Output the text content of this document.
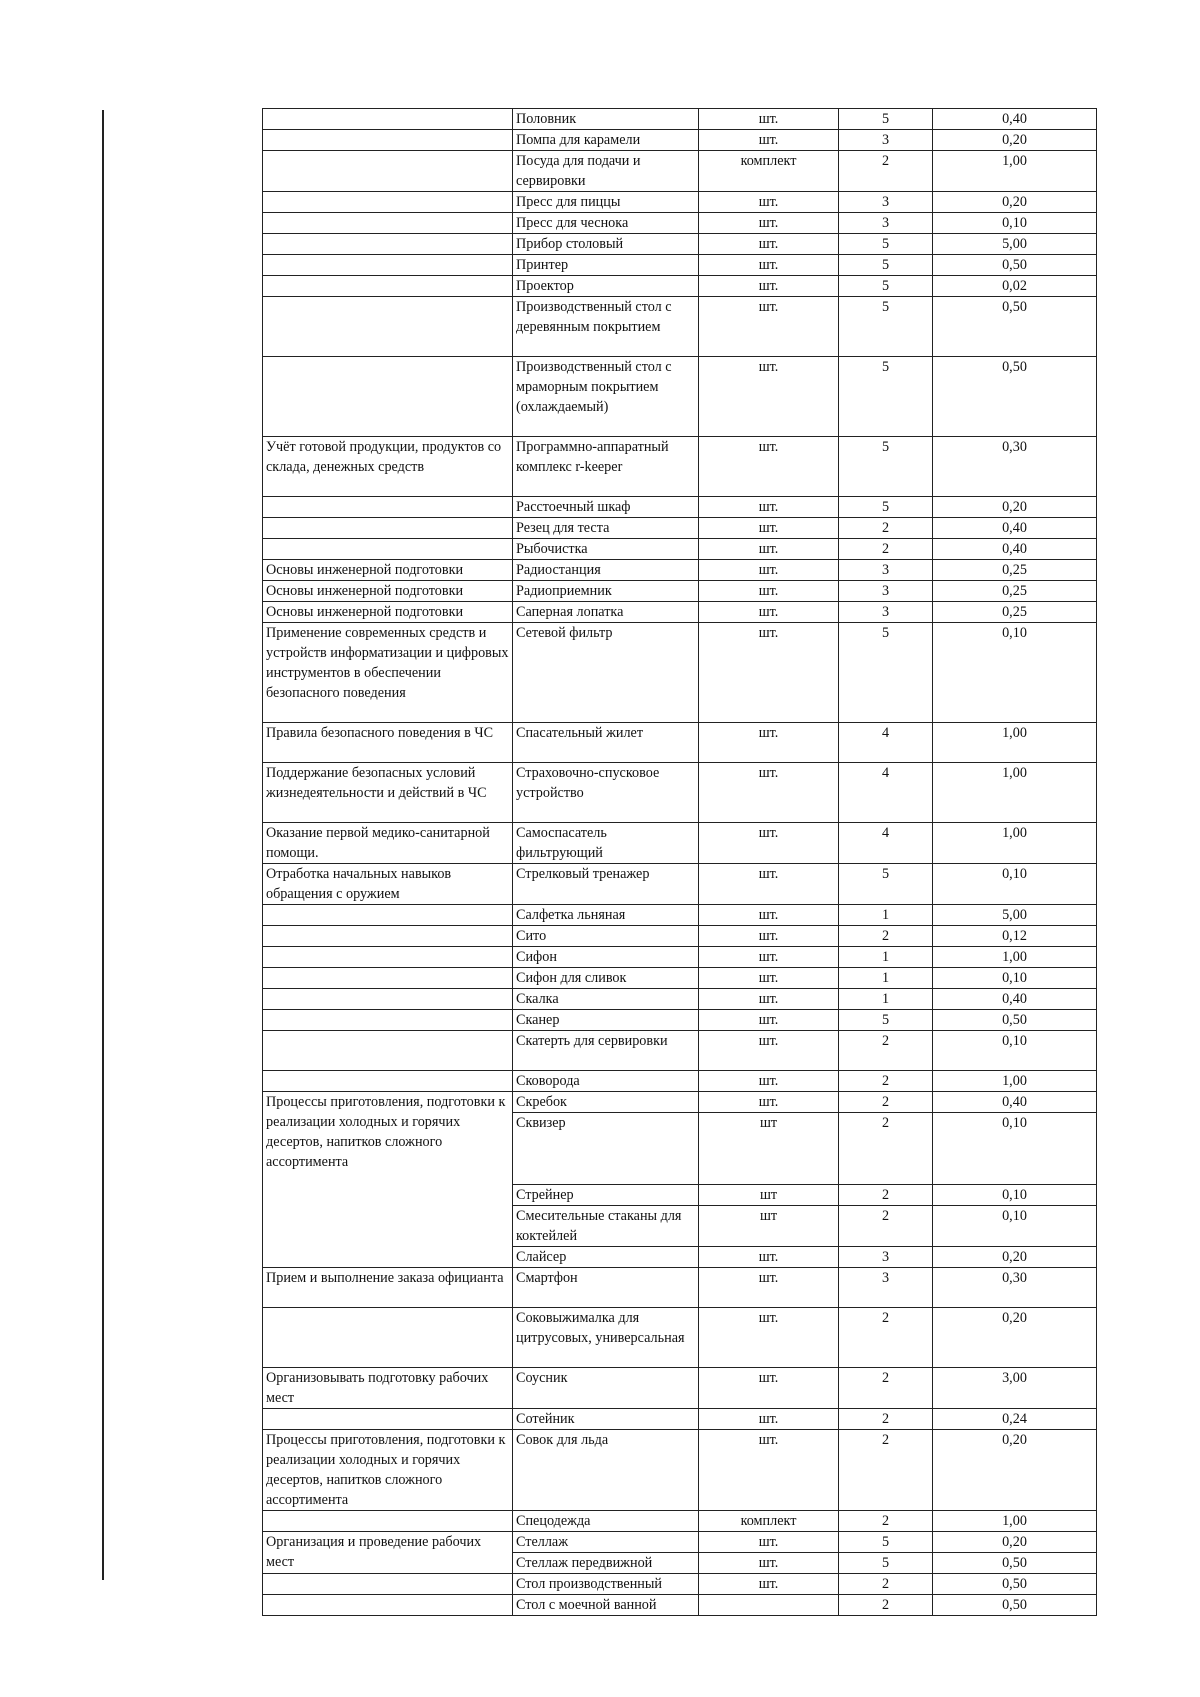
	Половник	шт.	5	0,40
	Помпа для карамели	шт.	3	0,20
	Посуда для подачи и сервировки	комплект	2	1,00
	Пресс для пиццы	шт.	3	0,20
	Пресс для чеснока	шт.	3	0,10
	Прибор столовый	шт.	5	5,00
	Принтер	шт.	5	0,50
	Проектор	шт.	5	0,02
	Производственный стол с деревянным покрытием	шт.	5	0,50
	Производственный стол с мраморным покрытием (охлаждаемый)	шт.	5	0,50
Учёт готовой продукции, продуктов со склада, денежных средств	Программно-аппаратный комплекс r-keeper	шт.	5	0,30
	Расстоечный шкаф	шт.	5	0,20
	Резец для теста	шт.	2	0,40
	Рыбочистка	шт.	2	0,40
Основы инженерной подготовки	Радиостанция	шт.	3	0,25
Основы инженерной подготовки	Радиоприемник	шт.	3	0,25
Основы инженерной подготовки	Саперная лопатка	шт.	3	0,25
Применение современных средств и устройств информатизации и цифровых инструментов в обеспечении безопасного поведения	Сетевой фильтр	шт.	5	0,10
Правила безопасного поведения в ЧС	Спасательный жилет	шт.	4	1,00
Поддержание безопасных условий жизнедеятельности и действий в ЧС	Страховочно-спусковое устройство	шт.	4	1,00
Оказание первой медико-санитарной помощи.	Самоспасатель фильтрующий	шт.	4	1,00
Отработка начальных навыков обращения с оружием	Стрелковый тренажер	шт.	5	0,10
	Салфетка льняная	шт.	1	5,00
	Сито	шт.	2	0,12
	Сифон	шт.	1	1,00
	Сифон для сливок	шт.	1	0,10
	Скалка	шт.	1	0,40
	Сканер	шт.	5	0,50
	Скатерть для сервировки	шт.	2	0,10
	Сковорода	шт.	2	1,00
Процессы приготовления, подготовки к реализации холодных и горячих десертов, напитков сложного ассортимента	Скребок	шт.	2	0,40
	Сквизер	шт	2	0,10
	Стрейнер	шт	2	0,10
	Смесительные стаканы для коктейлей	шт	2	0,10
	Слайсер	шт.	3	0,20
Прием и выполнение заказа официанта	Смартфон	шт.	3	0,30
	Соковыжималка для цитрусовых, универсальная	шт.	2	0,20
Организовывать подготовку рабочих мест	Соусник	шт.	2	3,00
	Сотейник	шт.	2	0,24
Процессы приготовления, подготовки к реализации холодных и горячих десертов, напитков сложного ассортимента	Совок для льда	шт.	2	0,20
	Спецодежда	комплект	2	1,00
Организация и проведение рабочих мест	Стеллаж	шт.	5	0,20
	Стеллаж передвижной	шт.	5	0,50
	Стол производственный	шт.	2	0,50
	Стол с моечной ванной		2	0,50
